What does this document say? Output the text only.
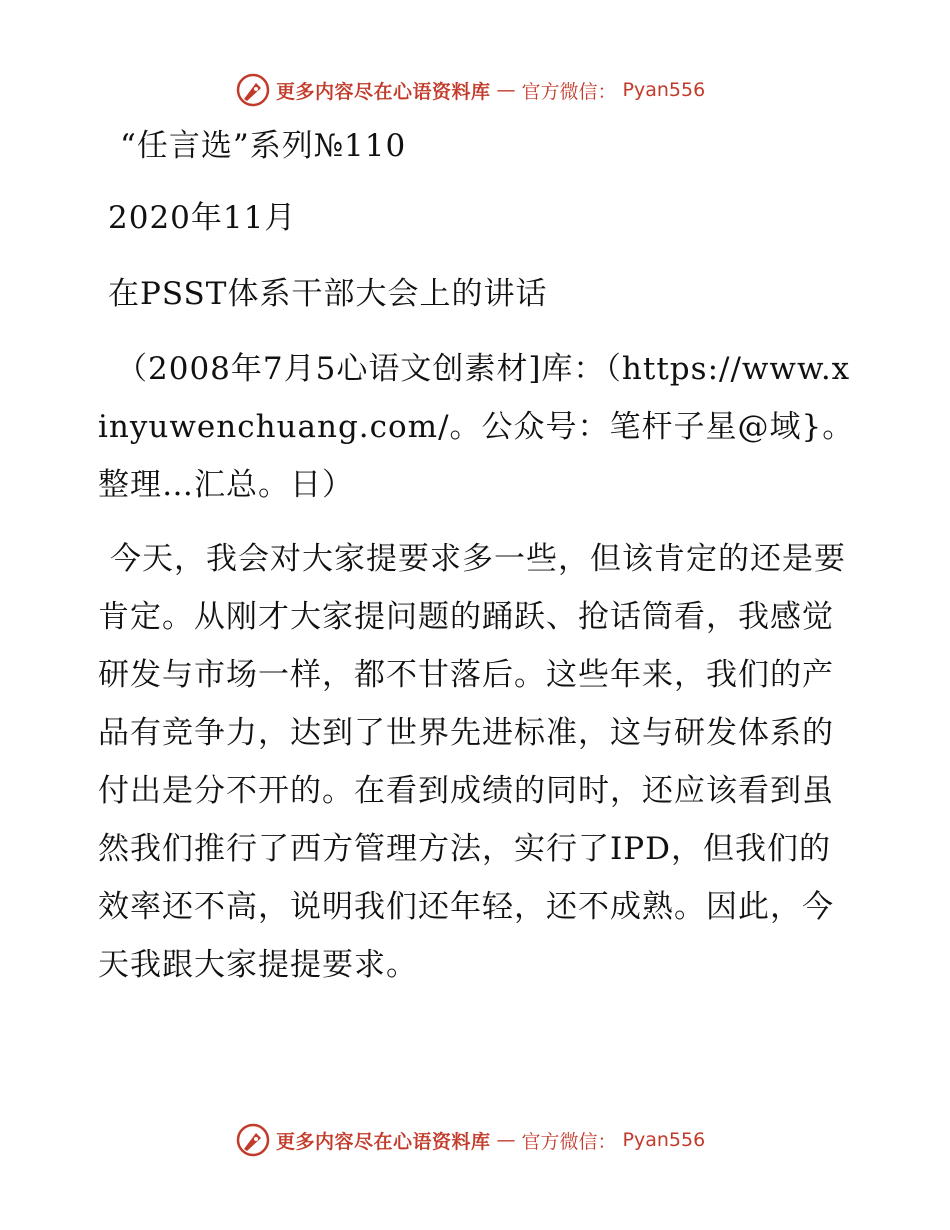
更多内容尽在心语资料库 — 官方微信： Pyan556
“任言选”系列№110
2020年11月
在PSST体系干部大会上的讲话
（2008年7月5心语文创素材]库：（https://www.xinyuwenchuang.com/。公众号：笔杆子星@域}。整理…汇总。日）
今天，我会对大家提要求多一些，但该肯定的还是要肯定。从刚才大家提问题的踊跃、抢话筒看，我感觉研发与市场一样，都不甘落后。这些年来，我们的产品有竞争力，达到了世界先进标准，这与研发体系的付出是分不开的。在看到成绩的同时，还应该看到虽然我们推行了西方管理方法，实行了IPD，但我们的效率还不高，说明我们还年轻，还不成熟。因此，今天我跟大家提提要求。
更多内容尽在心语资料库 — 官方微信： Pyan556
